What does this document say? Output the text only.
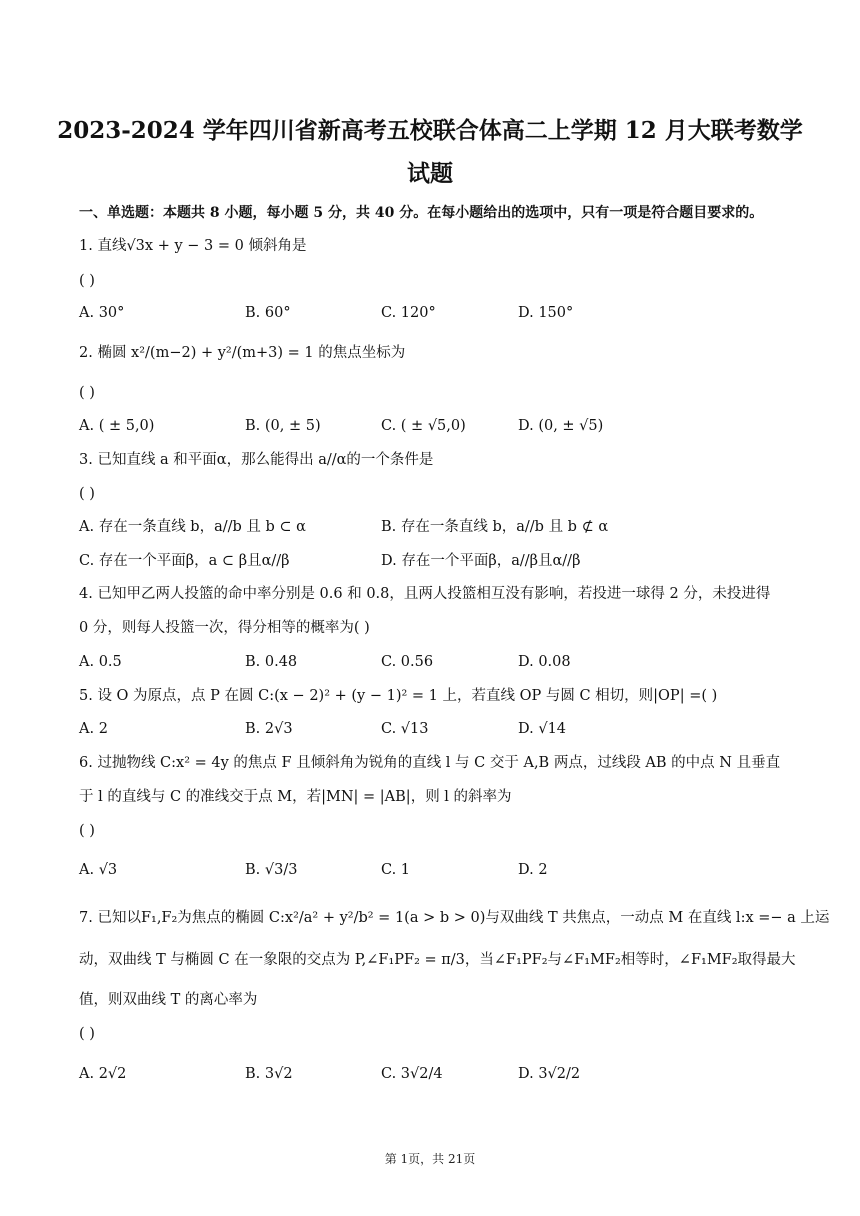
2023-2024 学年四川省新高考五校联合体高二上学期 12 月大联考数学
试题
一、单选题：本题共 8 小题，每小题 5 分，共 40 分。在每小题给出的选项中，只有一项是符合题目要求的。
1. 直线√3x + y − 3 = 0 倾斜角是
( )
A. 30°	B. 60°	C. 120°	D. 150°
2. 椭圆 x²/(m−2) + y²/(m+3) = 1 的焦点坐标为
( )
A. ( ± 5,0)	B. (0, ± 5)	C. ( ± √5,0)	D. (0, ± √5)
3. 已知直线 a 和平面α，那么能得出 a//α的一个条件是
( )
A. 存在一条直线 b，a//b 且 b ⊂ α	B. 存在一条直线 b，a//b 且 b ⊄ α
C. 存在一个平面β，a ⊂ β且α//β	D. 存在一个平面β，a//β且α//β
4. 已知甲乙两人投篮的命中率分别是 0.6 和 0.8，且两人投篮相互没有影响，若投进一球得 2 分，未投进得
0 分，则每人投篮一次，得分相等的概率为( )
A. 0.5	B. 0.48	C. 0.56	D. 0.08
5. 设 O 为原点，点 P 在圆 C:(x − 2)² + (y − 1)² = 1 上，若直线 OP 与圆 C 相切，则|OP| =( )
A. 2	B. 2√3	C. √13	D. √14
6. 过抛物线 C:x² = 4y 的焦点 F 且倾斜角为锐角的直线 l 与 C 交于 A,B 两点，过线段 AB 的中点 N 且垂直
于 l 的直线与 C 的准线交于点 M，若|MN| = |AB|，则 l 的斜率为
( )
A. √3	B. √3/3	C. 1	D. 2
7. 已知以F₁,F₂为焦点的椭圆 C:x²/a² + y²/b² = 1(a > b > 0)与双曲线 T 共焦点，一动点 M 在直线 l:x =− a 上运
动，双曲线 T 与椭圆 C 在一象限的交点为 P,∠F₁PF₂ = π/3，当∠F₁PF₂与∠F₁MF₂相等时，∠F₁MF₂取得最大
值，则双曲线 T 的离心率为
( )
A. 2√2	B. 3√2	C. 3√2/4	D. 3√2/2
第 1页，共 21页
